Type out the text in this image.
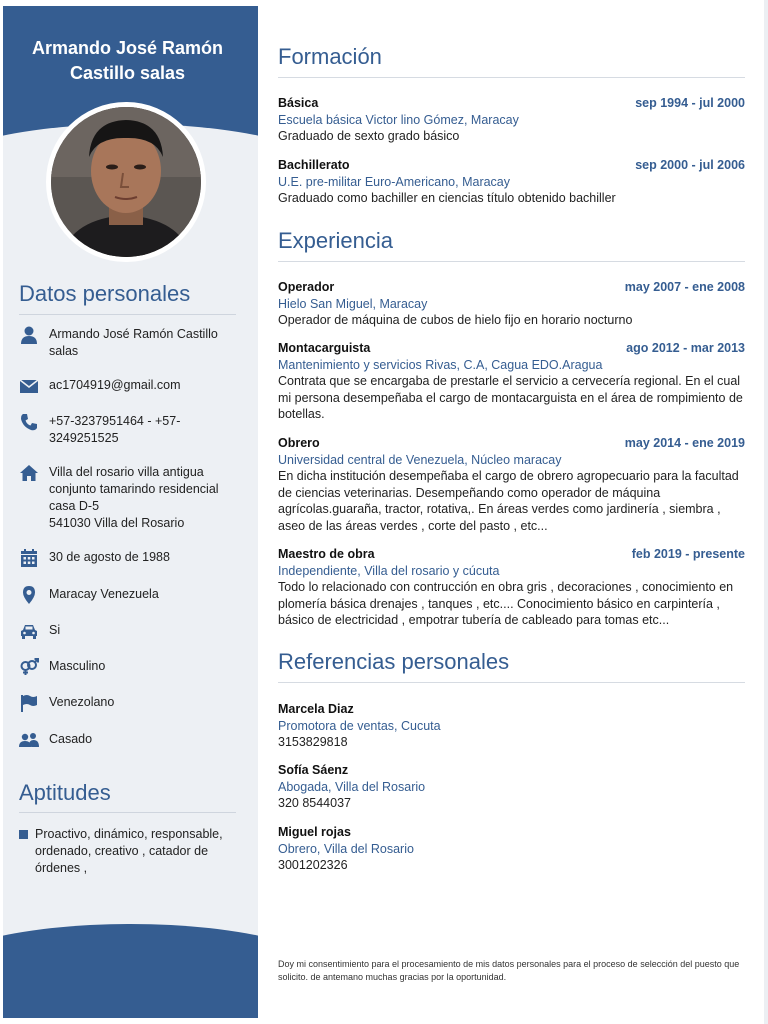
Armando José Ramón Castillo salas
Datos personales
Armando José Ramón Castillo salas
ac1704919@gmail.com
+57-3237951464 - +57-3249251525
Villa del rosario villa antigua conjunto tamarindo residencial casa D-5
541030 Villa del Rosario
30 de agosto de 1988
Maracay Venezuela
Si
Masculino
Venezolano
Casado
Aptitudes
Proactivo, dinámico, responsable, ordenado, creativo , catador de órdenes ,
Formación
Básica	sep 1994 - jul 2000
Escuela básica Victor lino Gómez, Maracay
Graduado de sexto grado básico
Bachillerato	sep 2000 - jul 2006
U.E. pre-militar Euro-Americano, Maracay
Graduado como bachiller en ciencias título obtenido bachiller
Experiencia
Operador	may 2007 - ene 2008
Hielo San Miguel, Maracay
Operador de máquina de cubos de hielo fijo en horario nocturno
Montacarguista	ago 2012 - mar 2013
Mantenimiento y servicios Rivas, C.A, Cagua EDO.Aragua
Contrata que se encargaba de prestarle el servicio a cervecería regional. En el cual mi persona desempeñaba el cargo de montacarguista en el área de rompimiento de botellas.
Obrero	may 2014 - ene 2019
Universidad central de Venezuela, Núcleo maracay
En dicha institución desempeñaba el cargo de obrero agropecuario para la facultad de ciencias veterinarias. Desempeñando como operador de máquina agrícolas.guaraña, tractor, rotativa,. En áreas verdes como jardinería , siembra , aseo de las áreas verdes , corte del pasto , etc...
Maestro de obra	feb 2019 - presente
Independiente, Villa del rosario y cúcuta
Todo lo relacionado con contrucción en obra gris , decoraciones , conocimiento en plomería básica drenajes , tanques , etc.... Conocimiento básico en carpintería , básico de electricidad , empotrar tubería de cableado para tomas etc...
Referencias personales
Marcela Diaz
Promotora de ventas, Cucuta
3153829818
Sofía Sáenz
Abogada, Villa del Rosario
320 8544037
Miguel rojas
Obrero, Villa del Rosario
3001202326
Doy mi consentimiento para el procesamiento de mis datos personales para el proceso de selección del puesto que solicito. de antemano muchas gracias por la oportunidad.
